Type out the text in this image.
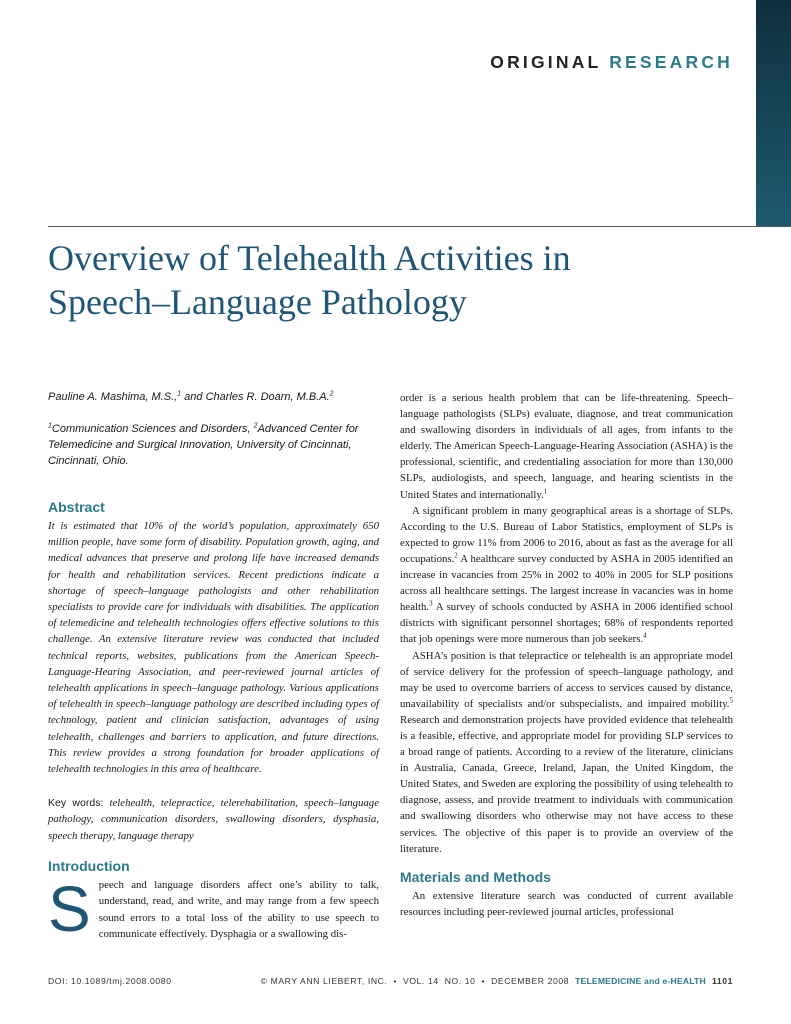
ORIGINAL RESEARCH
Overview of Telehealth Activities in
Speech–Language Pathology

Pauline A. Mashima, M.S.,$^1$ and Charles R. Doarn, M.B.A.$^2$

$^1$Communication Sciences and Disorders, $^2$Advanced Center for Telemedicine and Surgical Innovation, University of Cincinnati, Cincinnati, Ohio.

Abstract

It is estimated that 10% of the world’s population, approximately 650 million people, have some form of disability. Population growth, aging, and medical advances that preserve and prolong life have increased demands for health and rehabilitation services. Recent predictions indicate a shortage of speech–language pathologists and other rehabilitation specialists to provide care for individuals with disabilities. The application of telemedicine and telehealth technologies offers effective solutions to this challenge. An extensive literature review was conducted that included technical reports, websites, publications from the American Speech-Language-Hearing Association, and peer-reviewed journal articles of telehealth applications in speech–language pathology. Various applications of telehealth in speech–language pathology are described including types of technology, patient and clinician satisfaction, advantages of using telehealth, challenges and barriers to application, and future directions. This review provides a strong foundation for broader applications of telehealth technologies in this area of healthcare.

Key words: telehealth, telepractice, telerehabilitation, speech–language pathology, communication disorders, swallowing disorders, dysphasia, speech therapy, language therapy

Introduction

Speech and language disorders affect one’s ability to talk, understand, read, and write, and may range from a few speech sound errors to a total loss of the ability to use speech to communicate effectively. Dysphagia or a swallowing dis-

order is a serious health problem that can be life-threatening. Speech–language pathologists (SLPs) evaluate, diagnose, and treat communication and swallowing disorders in individuals of all ages, from infants to the elderly. The American Speech-Language-Hearing Association (ASHA) is the professional, scientific, and credentialing association for more than 130,000 SLPs, audiologists, and speech, language, and hearing scientists in the United States and internationally.$^1$

A significant problem in many geographical areas is a shortage of SLPs. According to the U.S. Bureau of Labor Statistics, employment of SLPs is expected to grow 11% from 2006 to 2016, about as fast as the average for all occupations.$^2$ A healthcare survey conducted by ASHA in 2005 identified an increase in vacancies from 25% in 2002 to 40% in 2005 for SLP positions across all healthcare settings. The largest increase in vacancies was in home health.$^3$ A survey of schools conducted by ASHA in 2006 identified school districts with significant personnel shortages; 68% of respondents reported that job openings were more numerous than job seekers.$^4$

ASHA’s position is that telepractice or telehealth is an appropriate model of service delivery for the profession of speech–language pathology, and may be used to overcome barriers of access to services caused by distance, unavailability of specialists and/or subspecialists, and impaired mobility.$^5$ Research and demonstration projects have provided evidence that telehealth is a feasible, effective, and appropriate model for providing SLP services to a broad range of patients. According to a review of the literature, clinicians in Australia, Canada, Greece, Ireland, Japan, the United Kingdom, the United States, and Sweden are exploring the possibility of using telehealth to diagnose, assess, and provide treatment to individuals with communication and swallowing disorders who otherwise may not have access to these services. The objective of this paper is to provide an overview of the literature.

Materials and Methods

An extensive literature search was conducted of current available resources including peer-reviewed journal articles, professional

DOI: 10.1089/tmj.2008.0080	© MARY ANN LIEBERT, INC.  •  VOL. 14  NO. 10  •  DECEMBER 2008  TELEMEDICINE and e-HEALTH 1101
